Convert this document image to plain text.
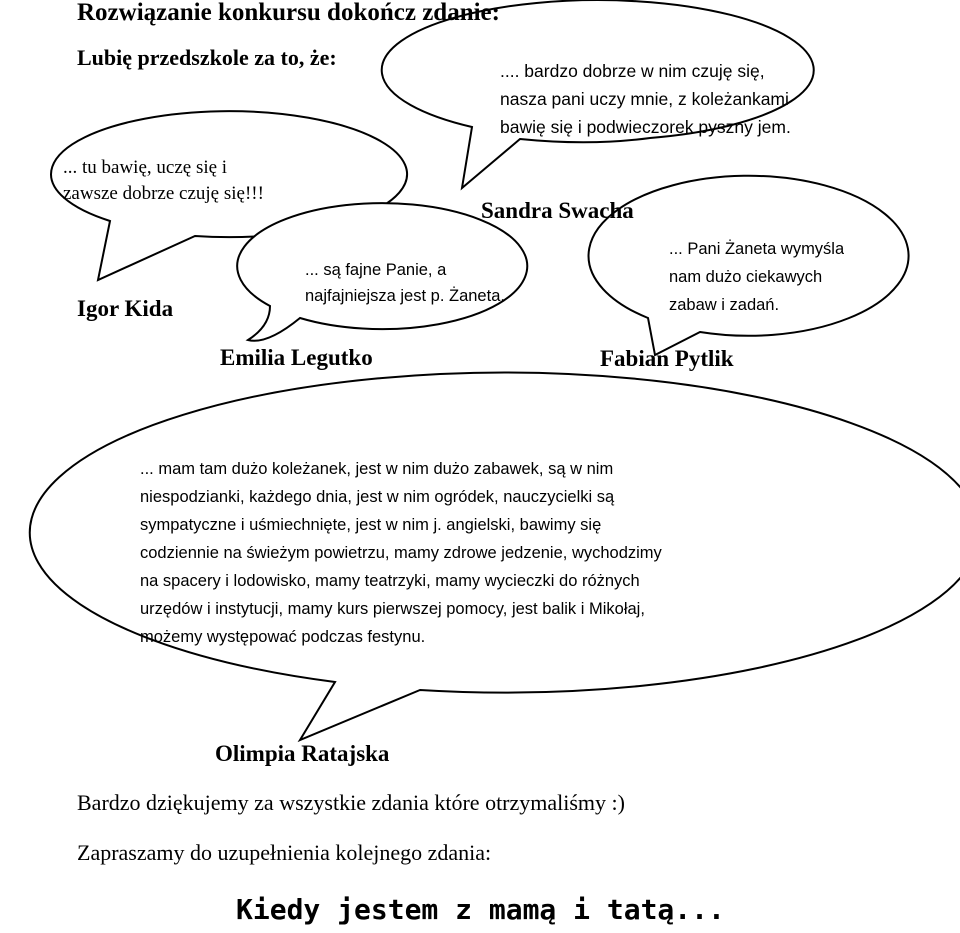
Rozwiązanie konkursu dokończ zdanie:
Lubię przedszkole za to, że:
.... bardzo dobrze w nim czuję się,
nasza pani uczy mnie, z koleżankami
bawię się i podwieczorek pyszny jem.
... tu bawię, uczę się i
zawsze dobrze czuję się!!!
Sandra Swacha
... są fajne Panie, a
najfajniejsza jest p. Żaneta.
... Pani Żaneta wymyśla
nam dużo ciekawych
zabaw i zadań.
Igor Kida
Emilia Legutko	Fabian Pytlik
... mam tam dużo koleżanek, jest w nim dużo zabawek, są w nim
niespodzianki, każdego dnia, jest w nim ogródek, nauczycielki są
sympatyczne i uśmiechnięte, jest w nim j. angielski, bawimy się
codziennie na świeżym powietrzu, mamy zdrowe jedzenie, wychodzimy
na spacery i lodowisko, mamy teatrzyki, mamy wycieczki do różnych
urzędów i instytucji, mamy kurs pierwszej pomocy, jest balik i Mikołaj,
możemy występować podczas festynu.
Olimpia Ratajska
Bardzo dziękujemy za wszystkie zdania które otrzymaliśmy :)
Zapraszamy do uzupełnienia kolejnego zdania:
Kiedy jestem z mamą i tatą...
